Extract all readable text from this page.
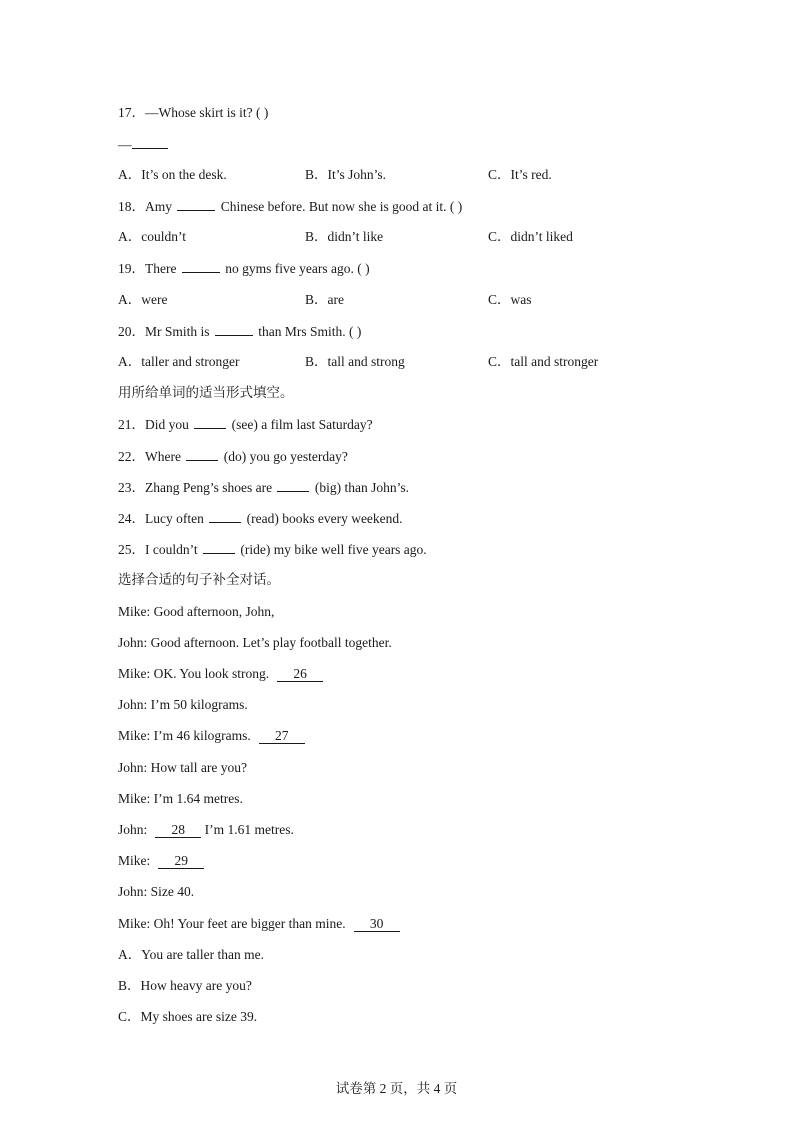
17．—Whose skirt is it? ( )
—
A．It’s on the desk.	B．It’s John’s.	C．It’s red.
18．Amy	Chinese before. But now she is good at it. ( )
A．couldn’t	B．didn’t like	C．didn’t liked
19．There	no gyms five years ago. ( )
A．were	B．are	C．was
20．Mr Smith is	than Mrs Smith. ( )
A．taller and stronger	B．tall and strong	C．tall and stronger
用所给单词的适当形式填空。
21．Did you	(see) a film last Saturday?
22．Where	(do) you go yesterday?
23．Zhang Peng’s shoes are	(big) than John’s.
24．Lucy often	(read) books every weekend.
25．I couldn’t	(ride) my bike well five years ago.
选择合适的句子补全对话。
Mike: Good afternoon, John,
John: Good afternoon. Let’s play football together.
Mike: OK. You look strong. 26
John: I’m 50 kilograms.
Mike: I’m 46 kilograms. 27
John: How tall are you?
Mike: I’m 1.64 metres.
John: 28 I’m 1.61 metres.
Mike: 29
John: Size 40.
Mike: Oh! Your feet are bigger than mine. 30
A．You are taller than me.
B．How heavy are you?
C．My shoes are size 39.
试卷第 2 页，共 4 页
